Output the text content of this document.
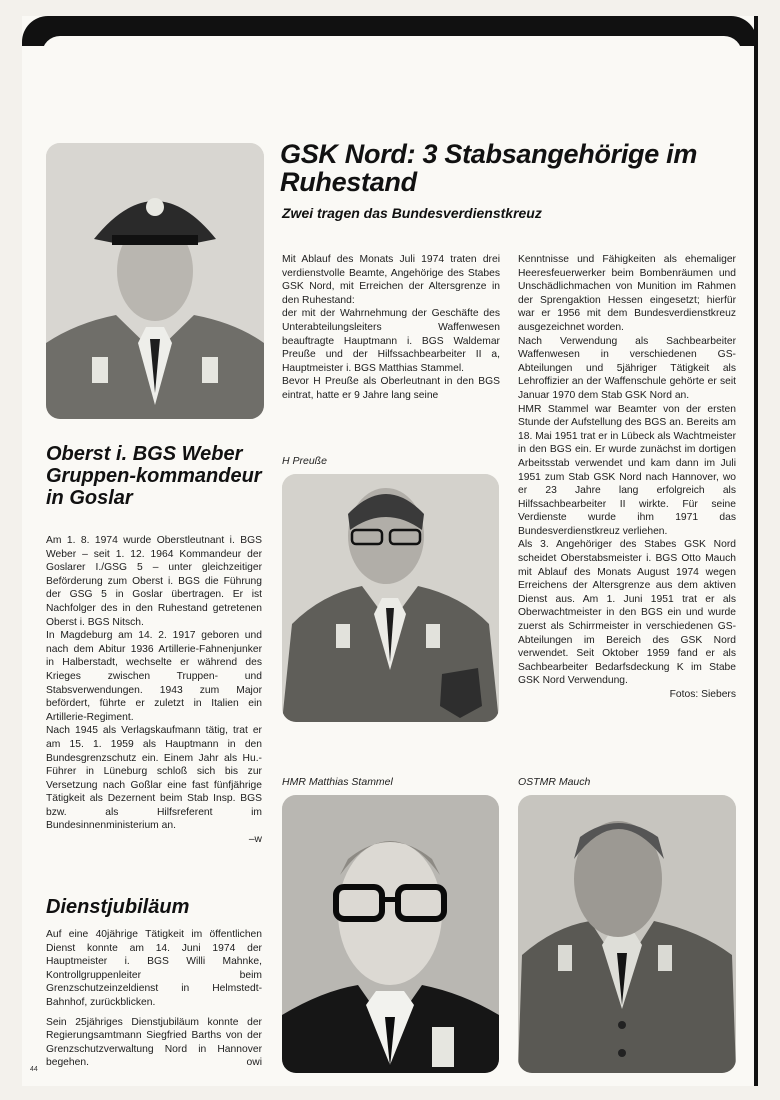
Oberst i. BGS Weber Gruppen-kommandeur in Goslar

Am 1. 8. 1974 wurde Oberstleutnant i. BGS Weber – seit 1. 12. 1964 Kommandeur der Goslarer I./GSG 5 – unter gleichzeitiger Beförderung zum Oberst i. BGS die Führung der GSG 5 in Goslar übertragen. Er ist Nachfolger des in den Ruhestand getretenen Oberst i. BGS Nitsch.

In Magdeburg am 14. 2. 1917 geboren und nach dem Abitur 1936 Artillerie-Fahnenjunker in Halberstadt, wechselte er während des Krieges zwischen Truppen- und Stabsverwendungen. 1943 zum Major befördert, führte er zuletzt in Italien ein Artillerie-Regiment.

Nach 1945 als Verlagskaufmann tätig, trat er am 15. 1. 1959 als Hauptmann in den Bundesgrenzschutz ein. Einem Jahr als Hu.-Führer in Lüneburg schloß sich bis zur Versetzung nach Goßlar eine fast fünfjährige Tätigkeit als Dezernent beim Stab Insp. BGS bzw. als Hilfsreferent im Bundesinnenministerium an.

–w

Dienstjubiläum

Auf eine 40jährige Tätigkeit im öffentlichen Dienst konnte am 14. Juni 1974 der Hauptmeister i. BGS Willi Mahnke, Kontrollgruppenleiter beim Grenzschutzeinzeldienst in Helmstedt-Bahnhof, zurückblicken.

Sein 25jähriges Dienstjubiläum konnte der Regierungsamtmann Siegfried Barths von der Grenzschutzverwaltung Nord in Hannover begehen.	owi

44
GSK Nord: 3 Stabsangehörige im Ruhestand
Zwei tragen das Bundesverdienstkreuz

Mit Ablauf des Monats Juli 1974 traten drei verdienstvolle Beamte, Angehörige des Stabes GSK Nord, mit Erreichen der Altersgrenze in den Ruhestand:

der mit der Wahrnehmung der Geschäfte des Unterabteilungsleiters Waffenwesen beauftragte Hauptmann i. BGS Waldemar Preuße und der Hilfssachbearbeiter II a, Hauptmeister i. BGS Matthias Stammel.

Bevor H Preuße als Oberleutnant in den BGS eintrat, hatte er 9 Jahre lang seine

Kenntnisse und Fähigkeiten als ehemaliger Heeresfeuerwerker beim Bombenräumen und Unschädlichmachen von Munition im Rahmen der Sprengaktion Hessen eingesetzt; hierfür war er 1956 mit dem Bundesverdienstkreuz ausgezeichnet worden.

Nach Verwendung als Sachbearbeiter Waffenwesen in verschiedenen GS-Abteilungen und 5jähriger Tätigkeit als Lehroffizier an der Waffenschule gehörte er seit Januar 1970 dem Stab GSK Nord an.

HMR Stammel war Beamter von der ersten Stunde der Aufstellung des BGS an. Bereits am 18. Mai 1951 trat er in Lübeck als Wachtmeister in den BGS ein. Er wurde zunächst im dortigen Arbeitsstab verwendet und kam dann im Juli 1951 zum Stab GSK Nord nach Hannover, wo er 23 Jahre lang erfolgreich als Hilfssachbearbeiter II wirkte. Für seine Verdienste wurde ihm 1971 das Bundesverdienstkreuz verliehen.

Als 3. Angehöriger des Stabes GSK Nord scheidet Oberstabsmeister i. BGS Otto Mauch mit Ablauf des Monats August 1974 wegen Erreichens der Altersgrenze aus dem aktiven Dienst aus. Am 1. Juni 1951 trat er als Oberwachtmeister in den BGS ein und wurde zuerst als Schirrmeister in verschiedenen GS-Abteilungen im Bereich des GSK Nord verwendet. Seit Oktober 1959 fand er als Sachbearbeiter Bedarfsdeckung K im Stabe GSK Nord Verwendung.

Fotos: Siebers

H Preuße
HMR Matthias Stammel	OSTMR Mauch
